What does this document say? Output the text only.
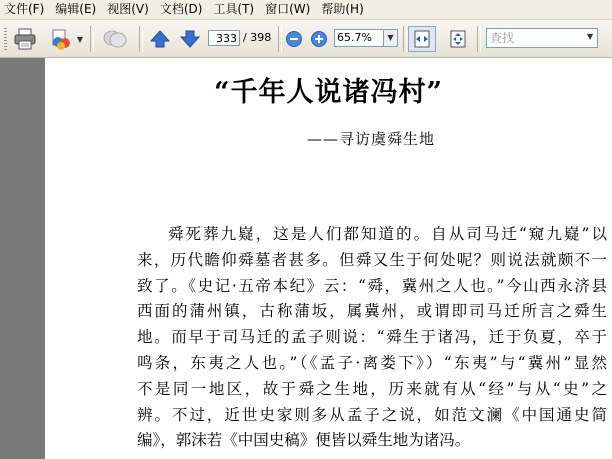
文件(F) 编辑(E) 视图(V) 文档(D) 工具(T) 窗口(W) 帮助(H)
▼	333 / 398	65.7%	▼	查找	▼
“千年人说诸冯村”
——寻访虞舜生地
舜死葬九嶷，这是人们都知道的。自从司马迁“窥九嶷”以
来，历代瞻仰舜墓者甚多。但舜又生于何处呢？则说法就颇不一
致了。《史记·五帝本纪》云：“舜，冀州之人也。”今山西永济县
西面的蒲州镇，古称蒲坂，属冀州，或谓即司马迁所言之舜生
地。而早于司马迁的孟子则说：“舜生于诸冯，迁于负夏，卒于
鸣条，东夷之人也。”（《孟子·离娄下》）“东夷”与“冀州”显然
不是同一地区，故于舜之生地，历来就有从“经”与从“史”之
辨。不过，近世史家则多从孟子之说，如范文澜《中国通史简
编》，郭沫若《中国史稿》便皆以舜生地为诸冯。
